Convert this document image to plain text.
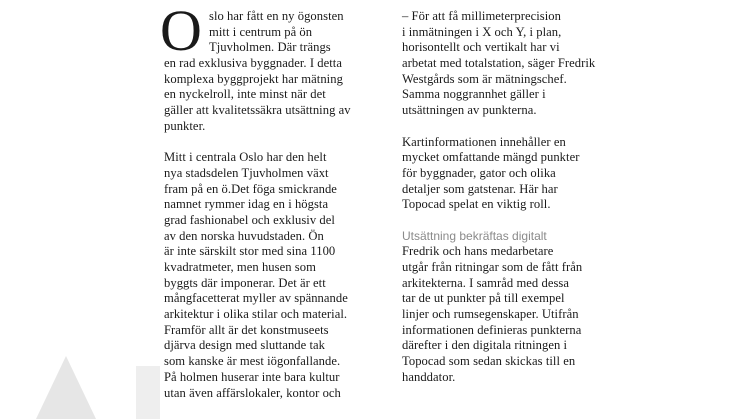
O slo har fått en ny ögonsten
mitt i centrum på ön
Tjuvholmen. Där trängs
en rad exklusiva byggnader. I detta
komplexa byggprojekt har mätning
en nyckelroll, inte minst när det
gäller att kvalitetssäkra utsättning av
punkter.
Mitt i centrala Oslo har den helt
nya stadsdelen Tjuvholmen växt
fram på en ö.Det föga smickrande
namnet rymmer idag en i högsta
grad fashionabel och exklusiv del
av den norska huvudstaden. Ön
är inte särskilt stor med sina 1100
kvadratmeter, men husen som
byggts där imponerar. Det är ett
mångfacetterat myller av spännande
arkitektur i olika stilar och material.
Framför allt är det konstmuseets
djärva design med sluttande tak
som kanske är mest iögonfallande.
På holmen huserar inte bara kultur
utan även affärslokaler, kontor och
– För att få millimeterprecision
i inmätningen i X och Y, i plan,
horisontellt och vertikalt har vi
arbetat med totalstation, säger Fredrik
Westgårds som är mätningschef.
Samma noggrannhet gäller i
utsättningen av punkterna.
Kartinformationen innehåller en
mycket omfattande mängd punkter
för byggnader, gator och olika
detaljer som gatstenar. Här har
Topocad spelat en viktig roll.
Utsättning bekräftas digitalt
Fredrik och hans medarbetare
utgår från ritningar som de fått från
arkitekterna. I samråd med dessa
tar de ut punkter på till exempel
linjer och rumsegenskaper. Utifrån
informationen definieras punkterna
därefter i den digitala ritningen i
Topocad som sedan skickas till en
handdator.
